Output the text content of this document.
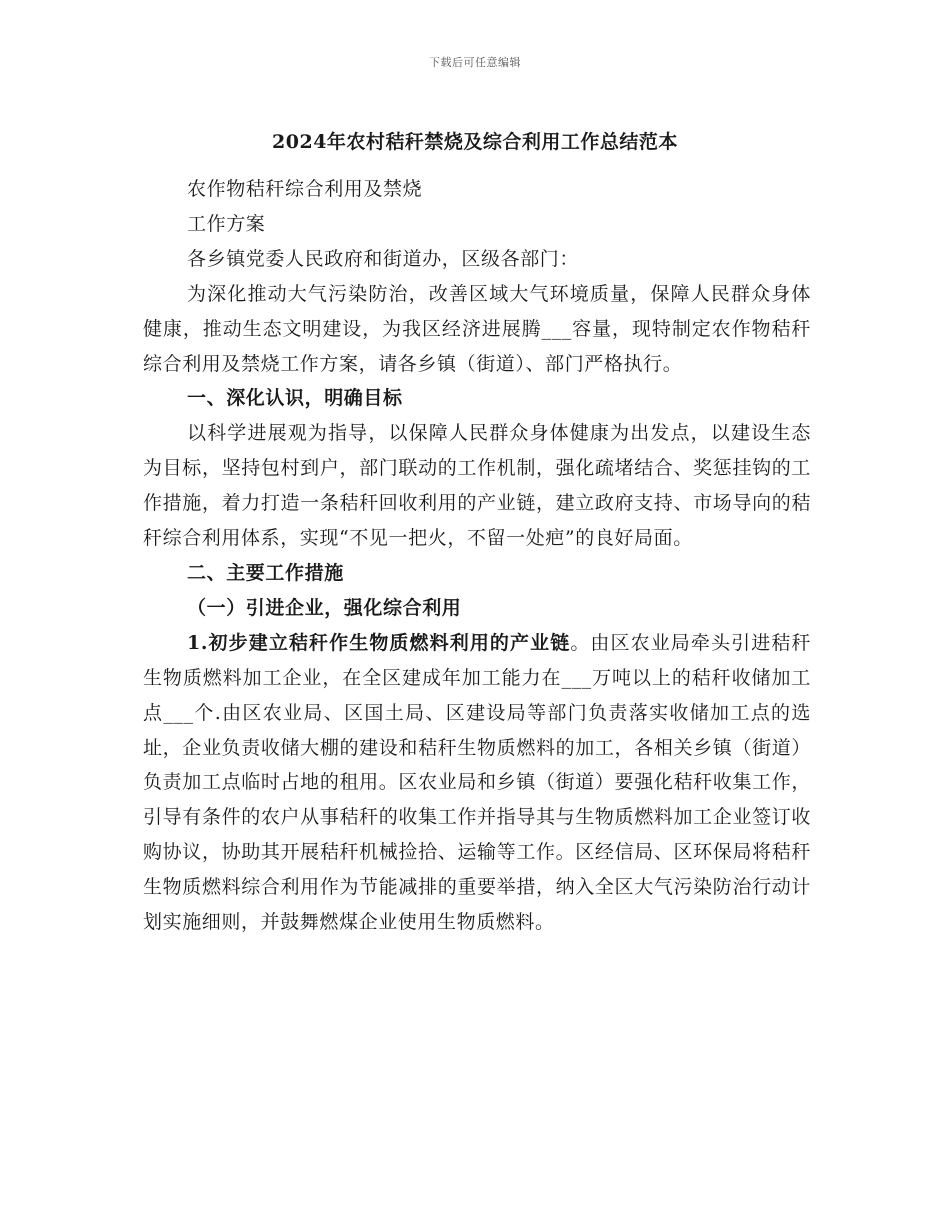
下载后可任意编辑
2024年农村秸秆禁烧及综合利用工作总结范本

农作物秸秆综合利用及禁烧

工作方案

各乡镇党委人民政府和街道办，区级各部门：

为深化推动大气污染防治，改善区域大气环境质量，保障人民群众身体健康，推动生态文明建设，为我区经济进展腾___容量，现特制定农作物秸秆综合利用及禁烧工作方案，请各乡镇（街道）、部门严格执行。

一、深化认识，明确目标

以科学进展观为指导，以保障人民群众身体健康为出发点，以建设生态为目标，坚持包村到户，部门联动的工作机制，强化疏堵结合、奖惩挂钩的工作措施，着力打造一条秸秆回收利用的产业链，建立政府支持、市场导向的秸秆综合利用体系，实现“不见一把火，不留一处疤”的良好局面。

二、主要工作措施

（一）引进企业，强化综合利用

1.初步建立秸秆作生物质燃料利用的产业链。由区农业局牵头引进秸秆生物质燃料加工企业，在全区建成年加工能力在___万吨以上的秸秆收储加工点___个.由区农业局、区国土局、区建设局等部门负责落实收储加工点的选址，企业负责收储大棚的建设和秸秆生物质燃料的加工，各相关乡镇（街道）负责加工点临时占地的租用。区农业局和乡镇（街道）要强化秸秆收集工作，引导有条件的农户从事秸秆的收集工作并指导其与生物质燃料加工企业签订收购协议，协助其开展秸秆机械捡拾、运输等工作。区经信局、区环保局将秸秆生物质燃料综合利用作为节能减排的重要举措，纳入全区大气污染防治行动计划实施细则，并鼓舞燃煤企业使用生物质燃料。
